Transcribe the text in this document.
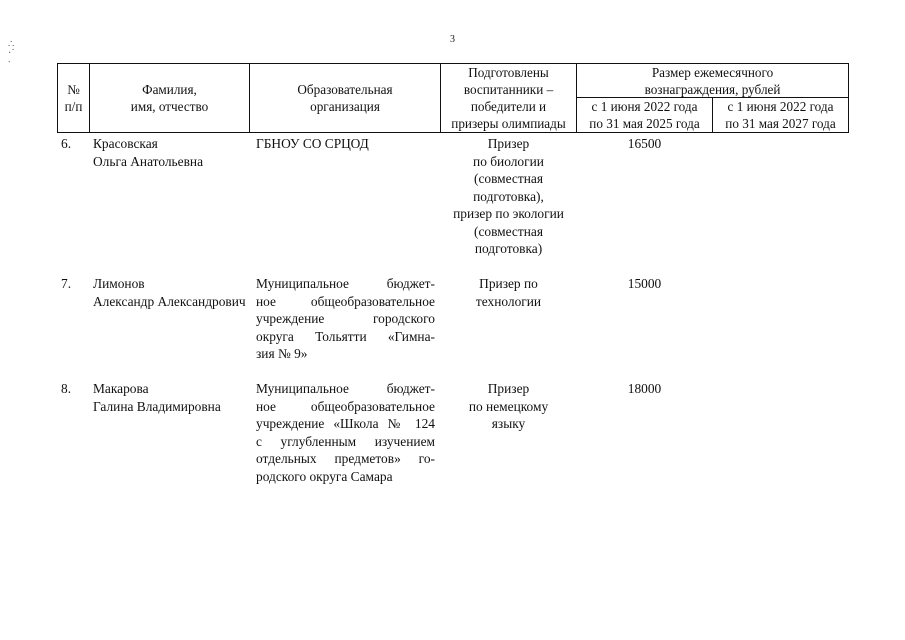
3
∴
·˙
∙
№
п/п
Фамилия,
имя, отчество
Образовательная
организация
Подготовлены
воспитанники –
победители и
призеры олимпиады
Размер ежемесячного
вознаграждения, рублей
с 1 июня 2022 года
по 31 мая 2025 года
с 1 июня 2022 года
по 31 мая 2027 года
6. Красовская
Ольга Анатольевна
ГБНОУ СО СРЦОД	Призер
по биологии
(совместная
подготовка),
призер по экологии
(совместная
подготовка)
16500
7. Лимонов
Александр Александрович
Муниципальное бюджет-
ное общеобразовательное
учреждение городского
округа Тольятти «Гимна-
зия № 9»
Призер по
технологии
15000
8. Макарова
Галина Владимировна
Муниципальное бюджет-
ное общеобразовательное
учреждение «Школа № 124
с углубленным изучением
отдельных предметов» го-
родского округа Самара
Призер
по немецкому
языку
18000
